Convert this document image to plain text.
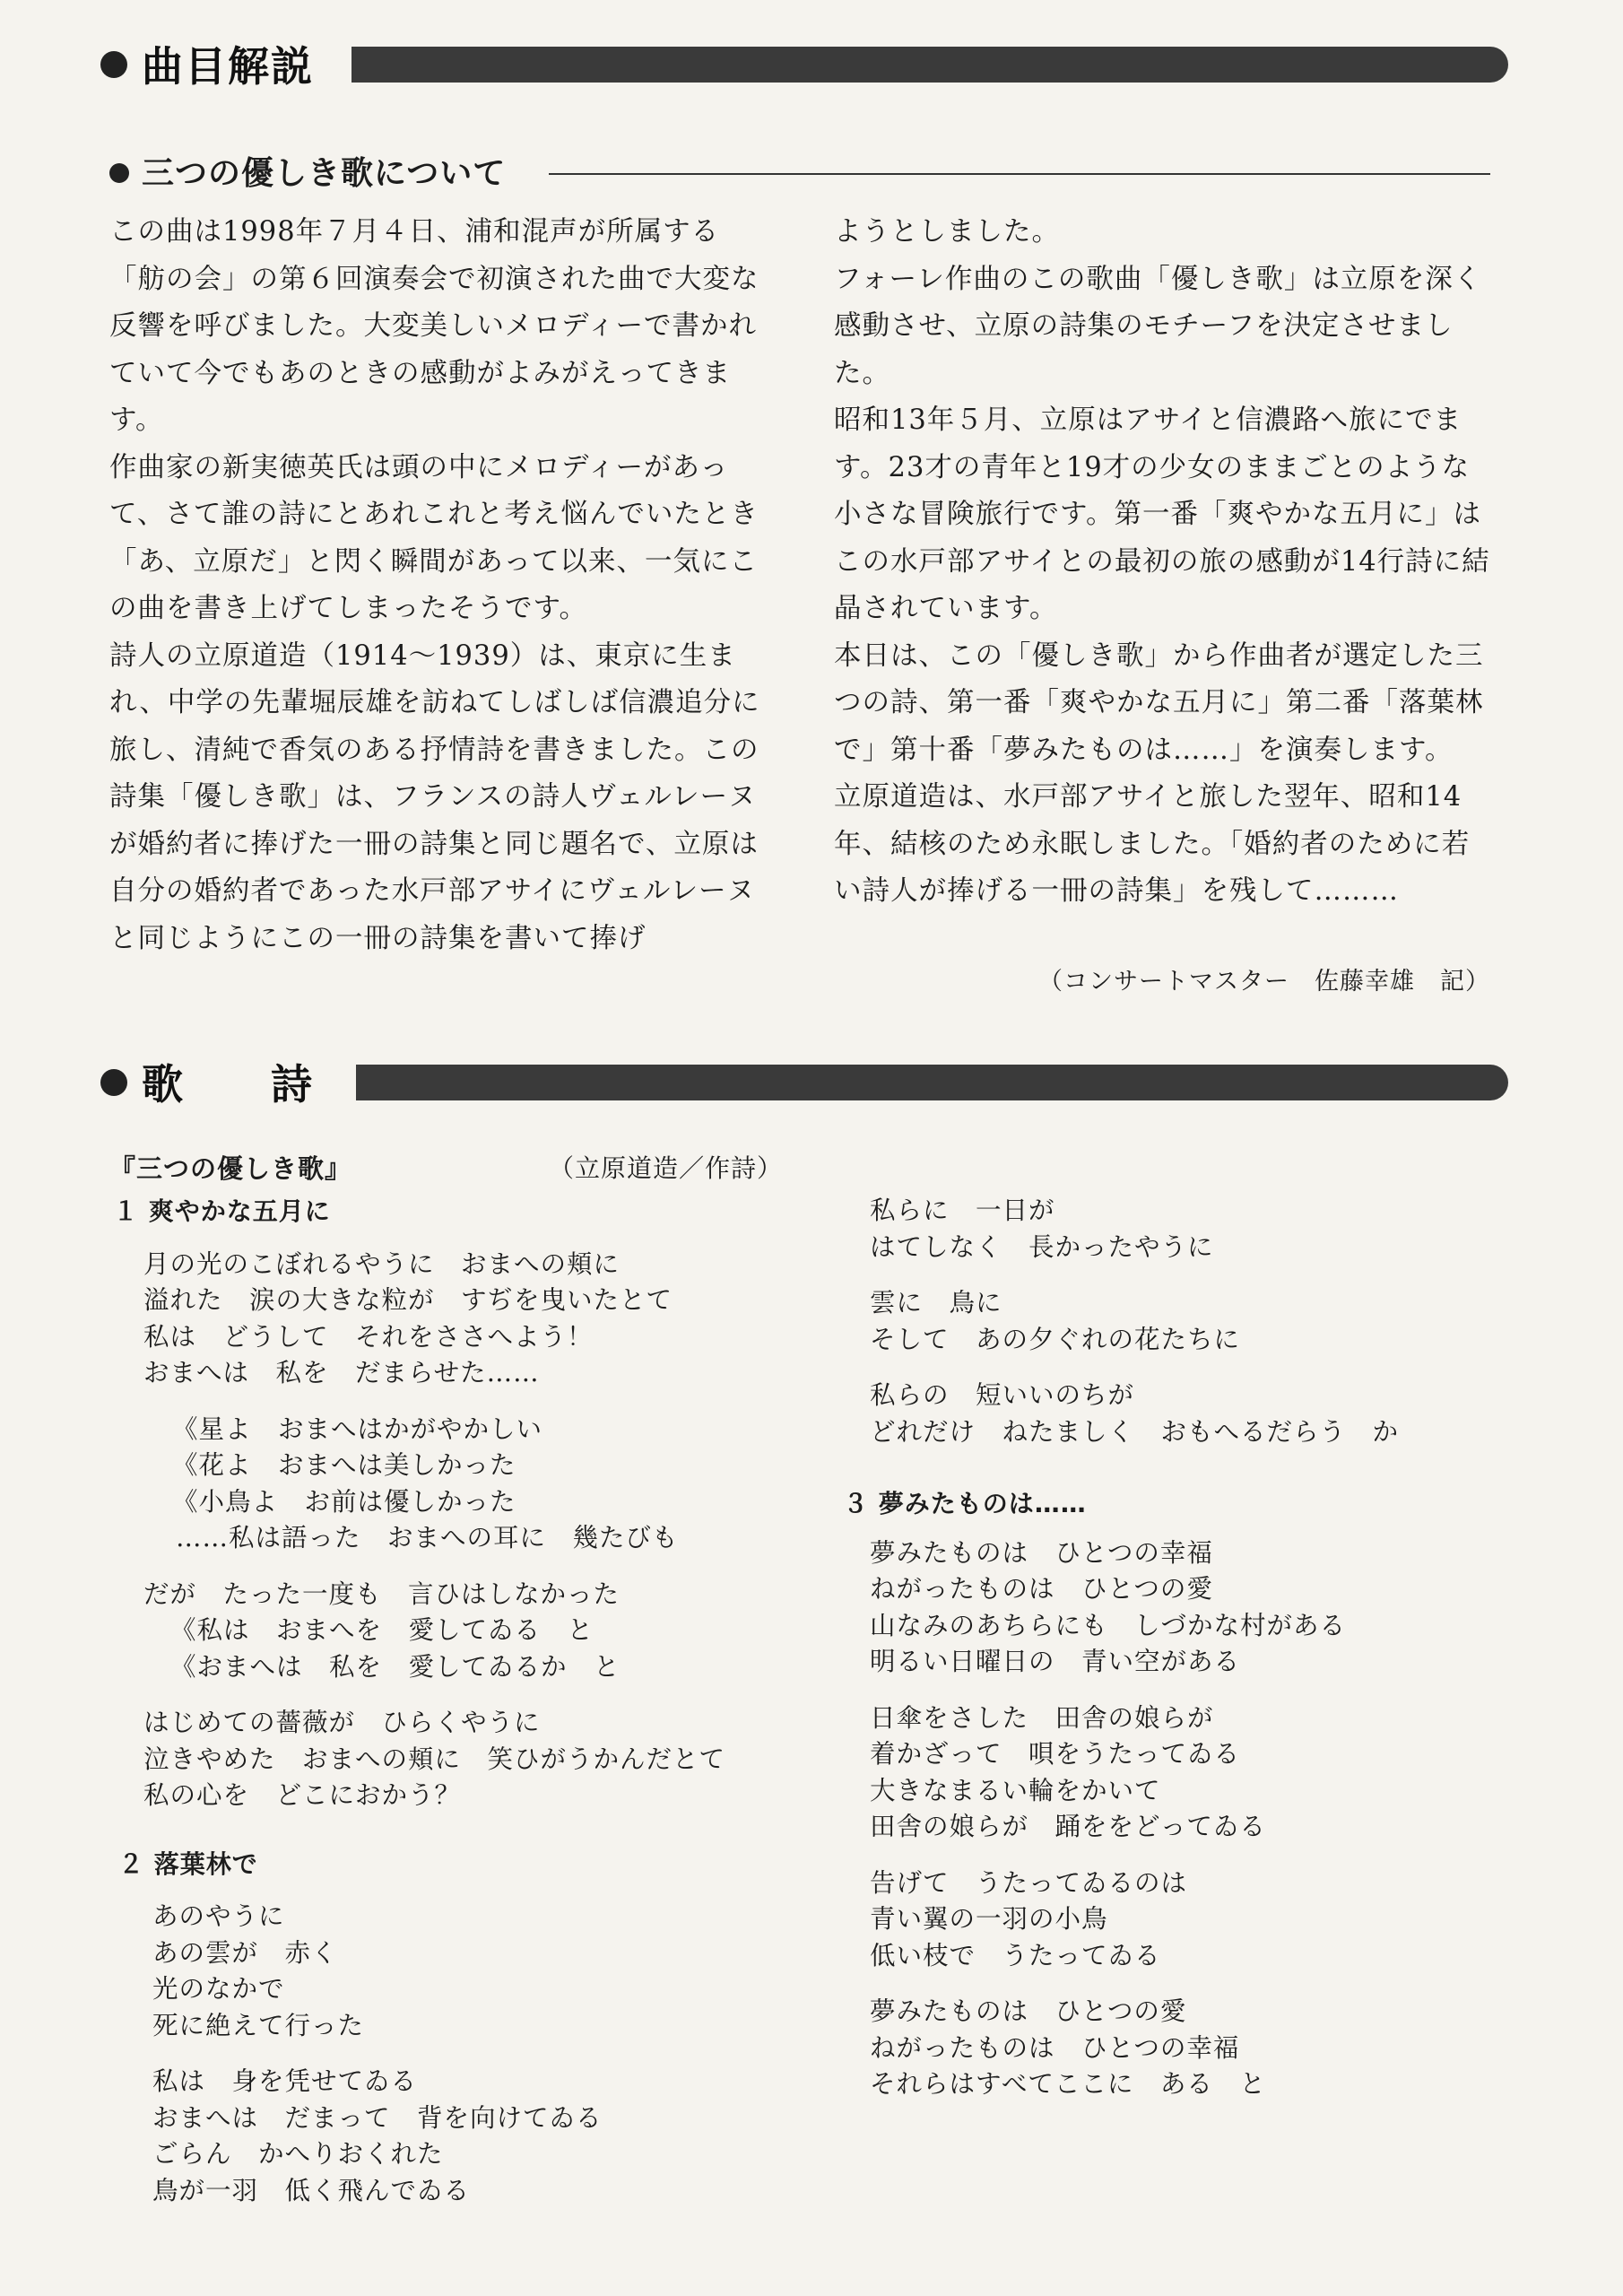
曲目解説
三つの優しき歌について

この曲は1998年７月４日、浦和混声が所属する「舫の会」の第６回演奏会で初演された曲で大変な反響を呼びました。大変美しいメロディーで書かれていて今でもあのときの感動がよみがえってきます。

作曲家の新実徳英氏は頭の中にメロディーがあって、さて誰の詩にとあれこれと考え悩んでいたとき「あ、立原だ」と閃く瞬間があって以来、一気にこの曲を書き上げてしまったそうです。

詩人の立原道造（1914～1939）は、東京に生まれ、中学の先輩堀辰雄を訪ねてしばしば信濃追分に旅し、清純で香気のある抒情詩を書きました。この詩集「優しき歌」は、フランスの詩人ヴェルレーヌが婚約者に捧げた一冊の詩集と同じ題名で、立原は自分の婚約者であった水戸部アサイにヴェルレーヌと同じようにこの一冊の詩集を書いて捧げ

ようとしました。

フォーレ作曲のこの歌曲「優しき歌」は立原を深く感動させ、立原の詩集のモチーフを決定させました。

昭和13年５月、立原はアサイと信濃路へ旅にでます。23才の青年と19才の少女のままごとのような小さな冒険旅行です。第一番「爽やかな五月に」はこの水戸部アサイとの最初の旅の感動が14行詩に結晶されています。

本日は、この「優しき歌」から作曲者が選定した三つの詩、第一番「爽やかな五月に」第二番「落葉林で」第十番「夢みたものは……」を演奏します。

立原道造は、水戸部アサイと旅した翌年、昭和14年、結核のため永眠しました。「婚約者のために若い詩人が捧げる一冊の詩集」を残して………

（コンサートマスター　佐藤幸雄　記）
歌　　詩
『三つの優しき歌』	（立原道造／作詩）
１ 爽やかな五月に
月の光のこぼれるやうに　おまへの頬に
溢れた　涙の大きな粒が　すぢを曳いたとて
私は　どうして　それをささへよう！
おまへは　私を　だまらせた……
《星よ　おまへはかがやかしい
《花よ　おまへは美しかった
《小鳥よ　お前は優しかった
……私は語った　おまへの耳に　幾たびも
だが　たった一度も　言ひはしなかった
《私は　おまへを　愛してゐる　と
《おまへは　私を　愛してゐるか　と
はじめての薔薇が　ひらくやうに
泣きやめた　おまへの頬に　笑ひがうかんだとて
私の心を　どこにおかう？
２ 落葉林で
あのやうに
あの雲が　赤く
光のなかで
死に絶えて行った
私は　身を凭せてゐる
おまへは　だまって　背を向けてゐる
ごらん　かへりおくれた
鳥が一羽　低く飛んでゐる
私らに　一日が
はてしなく　長かったやうに
雲に　鳥に
そして　あの夕ぐれの花たちに
私らの　短いいのちが
どれだけ　ねたましく　おもへるだらう　か
３ 夢みたものは……
夢みたものは　ひとつの幸福
ねがったものは　ひとつの愛
山なみのあちらにも　しづかな村がある
明るい日曜日の　青い空がある
日傘をさした　田舎の娘らが
着かざって　唄をうたってゐる
大きなまるい輪をかいて
田舎の娘らが　踊ををどってゐる
告げて　うたってゐるのは
青い翼の一羽の小鳥
低い枝で　うたってゐる
夢みたものは　ひとつの愛
ねがったものは　ひとつの幸福
それらはすべてここに　ある　と
